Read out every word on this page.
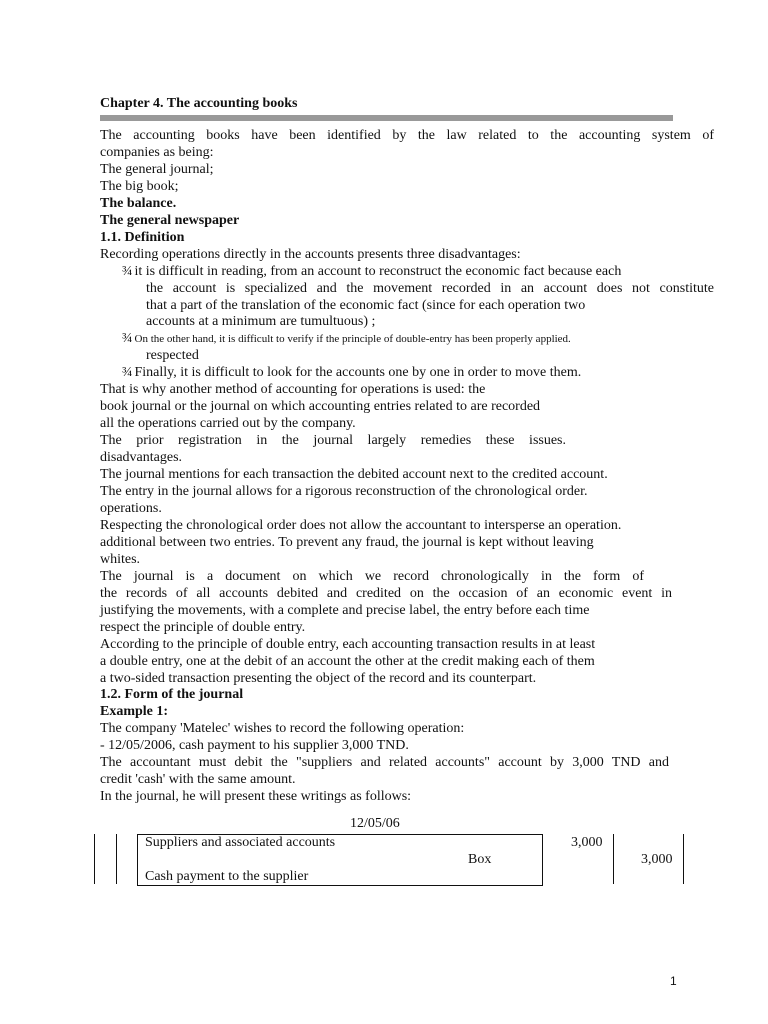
Chapter 4. The accounting books
The accounting books have been identified by the law related to the accounting system of
companies as being:
The general journal;
The big book;
The balance.
The general newspaper
1.1. Definition
Recording operations directly in the accounts presents three disadvantages:
¾ it is difficult in reading, from an account to reconstruct the economic fact because each
the account is specialized and the movement recorded in an account does not constitute
that a part of the translation of the economic fact (since for each operation two
accounts at a minimum are tumultuous) ;
¾ On the other hand, it is difficult to verify if the principle of double-entry has been properly applied.
respected
¾ Finally, it is difficult to look for the accounts one by one in order to move them.
That is why another method of accounting for operations is used: the
book journal or the journal on which accounting entries related to are recorded
all the operations carried out by the company.
The prior registration in the journal largely remedies these issues.
disadvantages.
The journal mentions for each transaction the debited account next to the credited account.
The entry in the journal allows for a rigorous reconstruction of the chronological order.
operations.
Respecting the chronological order does not allow the accountant to intersperse an operation.
additional between two entries. To prevent any fraud, the journal is kept without leaving
whites.
The journal is a document on which we record chronologically in the form of
the records of all accounts debited and credited on the occasion of an economic event in
justifying the movements, with a complete and precise label, the entry before each time
respect the principle of double entry.
According to the principle of double entry, each accounting transaction results in at least
a double entry, one at the debit of an account the other at the credit making each of them
a two-sided transaction presenting the object of the record and its counterpart.
1.2. Form of the journal
Example 1:
The company 'Matelec' wishes to record the following operation:
- 12/05/2006, cash payment to his supplier 3,000 TND.
The accountant must debit the "suppliers and related accounts" account by 3,000 TND and
credit 'cash' with the same amount.
In the journal, he will present these writings as follows:
12/05/06
Suppliers and associated accounts
Box
Cash payment to the supplier
3,000
3,000
1
